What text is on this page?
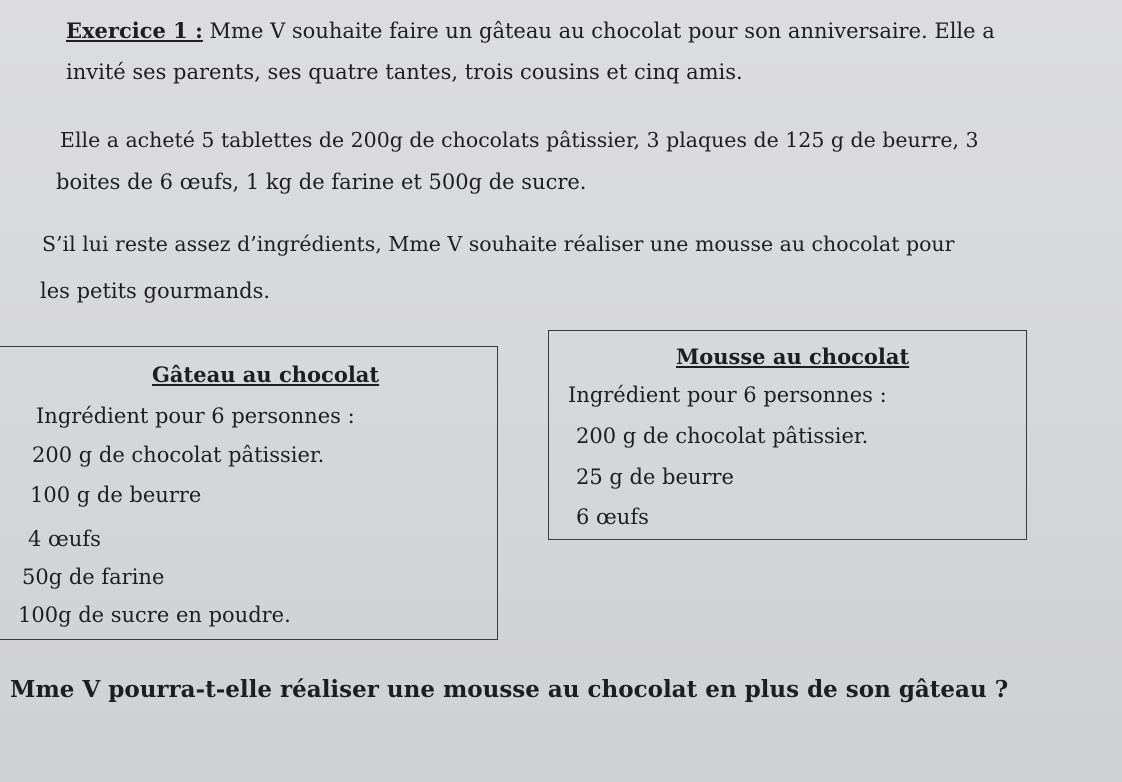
Exercice 1 : Mme V souhaite faire un gâteau au chocolat pour son anniversaire. Elle a
invité ses parents, ses quatre tantes, trois cousins et cinq amis.
Elle a acheté 5 tablettes de 200g de chocolats pâtissier, 3 plaques de 125 g de beurre, 3
boites de 6 œufs, 1 kg de farine et 500g de sucre.
S’il lui reste assez d’ingrédients, Mme V souhaite réaliser une mousse au chocolat pour
les petits gourmands.
Gâteau au chocolat
Ingrédient pour 6 personnes :
200 g de chocolat pâtissier.
100 g de beurre
4 œufs
50g de farine
100g de sucre en poudre.
Mousse au chocolat
Ingrédient pour 6 personnes :
200 g de chocolat pâtissier.
25 g de beurre
6 œufs
Mme V pourra-t-elle réaliser une mousse au chocolat en plus de son gâteau ?
